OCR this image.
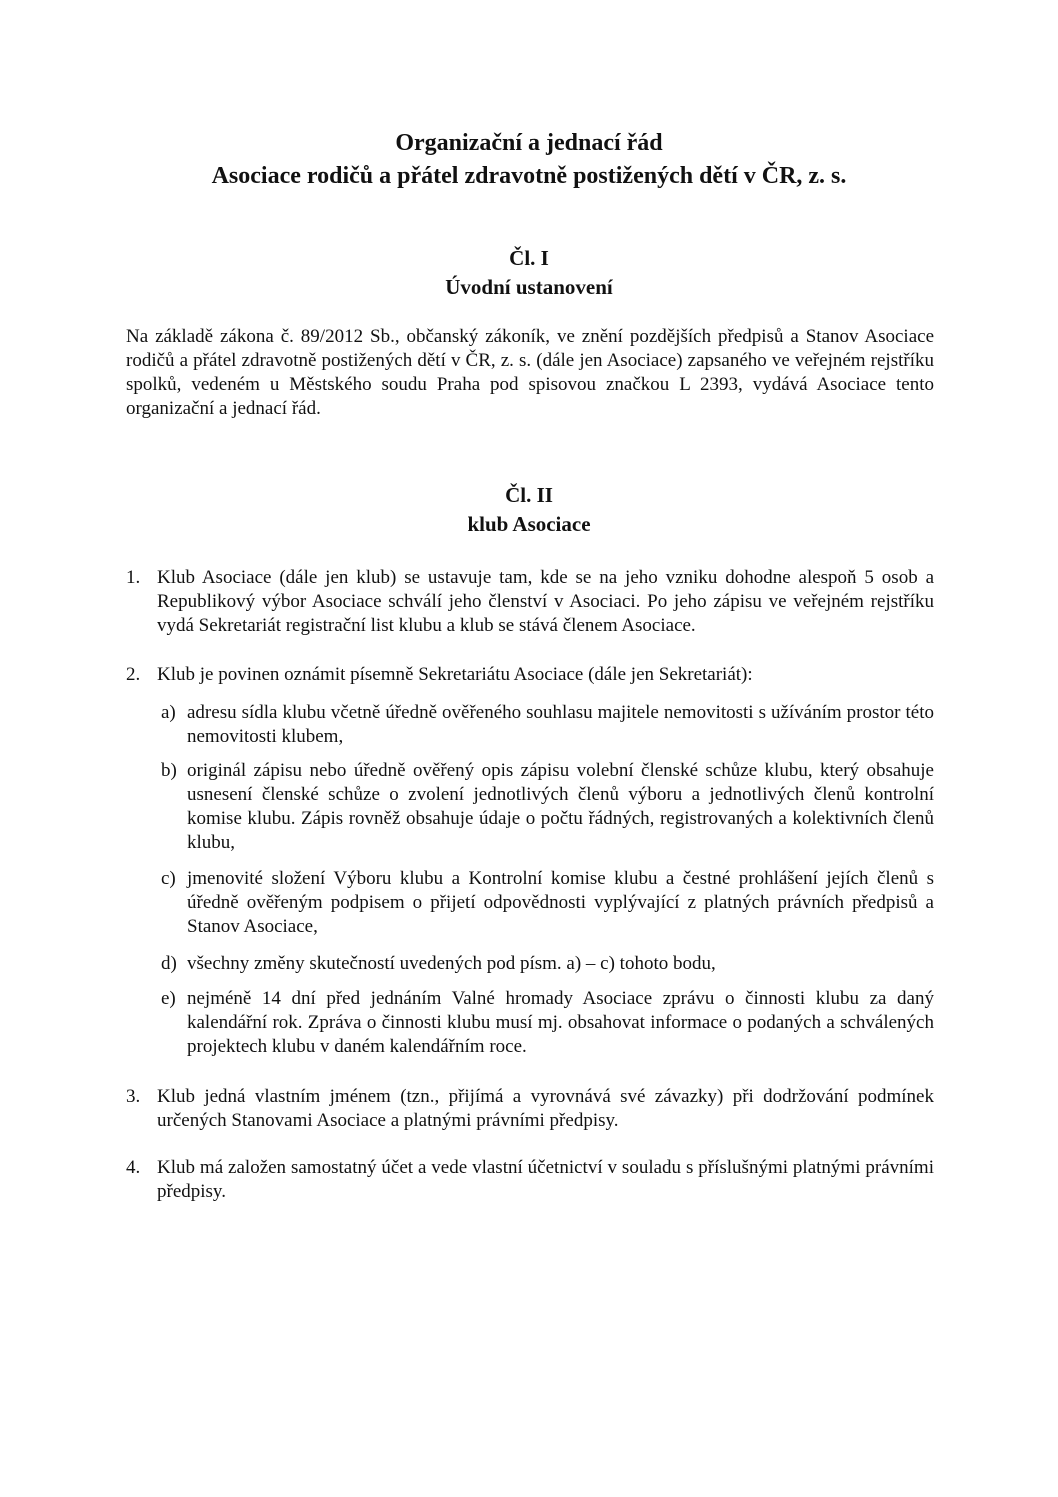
Organizační a jednací řád
Asociace rodičů a přátel zdravotně postižených dětí v ČR, z. s.
Čl. I
Úvodní ustanovení

Na základě zákona č. 89/2012 Sb., občanský zákoník, ve znění pozdějších předpisů a Stanov Asociace rodičů a přátel zdravotně postižených dětí v ČR, z. s. (dále jen Asociace) zapsaného ve veřejném rejstříku spolků, vedeném u Městského soudu Praha pod spisovou značkou L 2393, vydává Asociace tento organizační a jednací řád.

Čl. II
klub Asociace
1. Klub Asociace (dále jen klub) se ustavuje tam, kde se na jeho vzniku dohodne alespoň 5 osob a Republikový výbor Asociace schválí jeho členství v Asociaci. Po jeho zápisu ve veřejném rejstříku vydá Sekretariát registrační list klubu a klub se stává členem Asociace.
2. Klub je povinen oznámit písemně Sekretariátu Asociace (dále jen Sekretariát):
a) adresu sídla klubu včetně úředně ověřeného souhlasu majitele nemovitosti s užíváním prostor této nemovitosti klubem,
b) originál zápisu nebo úředně ověřený opis zápisu volební členské schůze klubu, který obsahuje usnesení členské schůze o zvolení jednotlivých členů výboru a jednotlivých členů kontrolní komise klubu. Zápis rovněž obsahuje údaje o počtu řádných, registrovaných a kolektivních členů klubu,
c) jmenovité složení Výboru klubu a Kontrolní komise klubu a čestné prohlášení jejích členů s úředně ověřeným podpisem o přijetí odpovědnosti vyplývající z platných právních předpisů a Stanov Asociace,
d) všechny změny skutečností uvedených pod písm. a) – c) tohoto bodu,
e) nejméně 14 dní před jednáním Valné hromady Asociace zprávu o činnosti klubu za daný kalendářní rok. Zpráva o činnosti klubu musí mj. obsahovat informace o podaných a schválených projektech klubu v daném kalendářním roce.
3. Klub jedná vlastním jménem (tzn., přijímá a vyrovnává své závazky) při dodržování podmínek určených Stanovami Asociace a platnými právními předpisy.
4. Klub má založen samostatný účet a vede vlastní účetnictví v souladu s příslušnými platnými právními předpisy.
